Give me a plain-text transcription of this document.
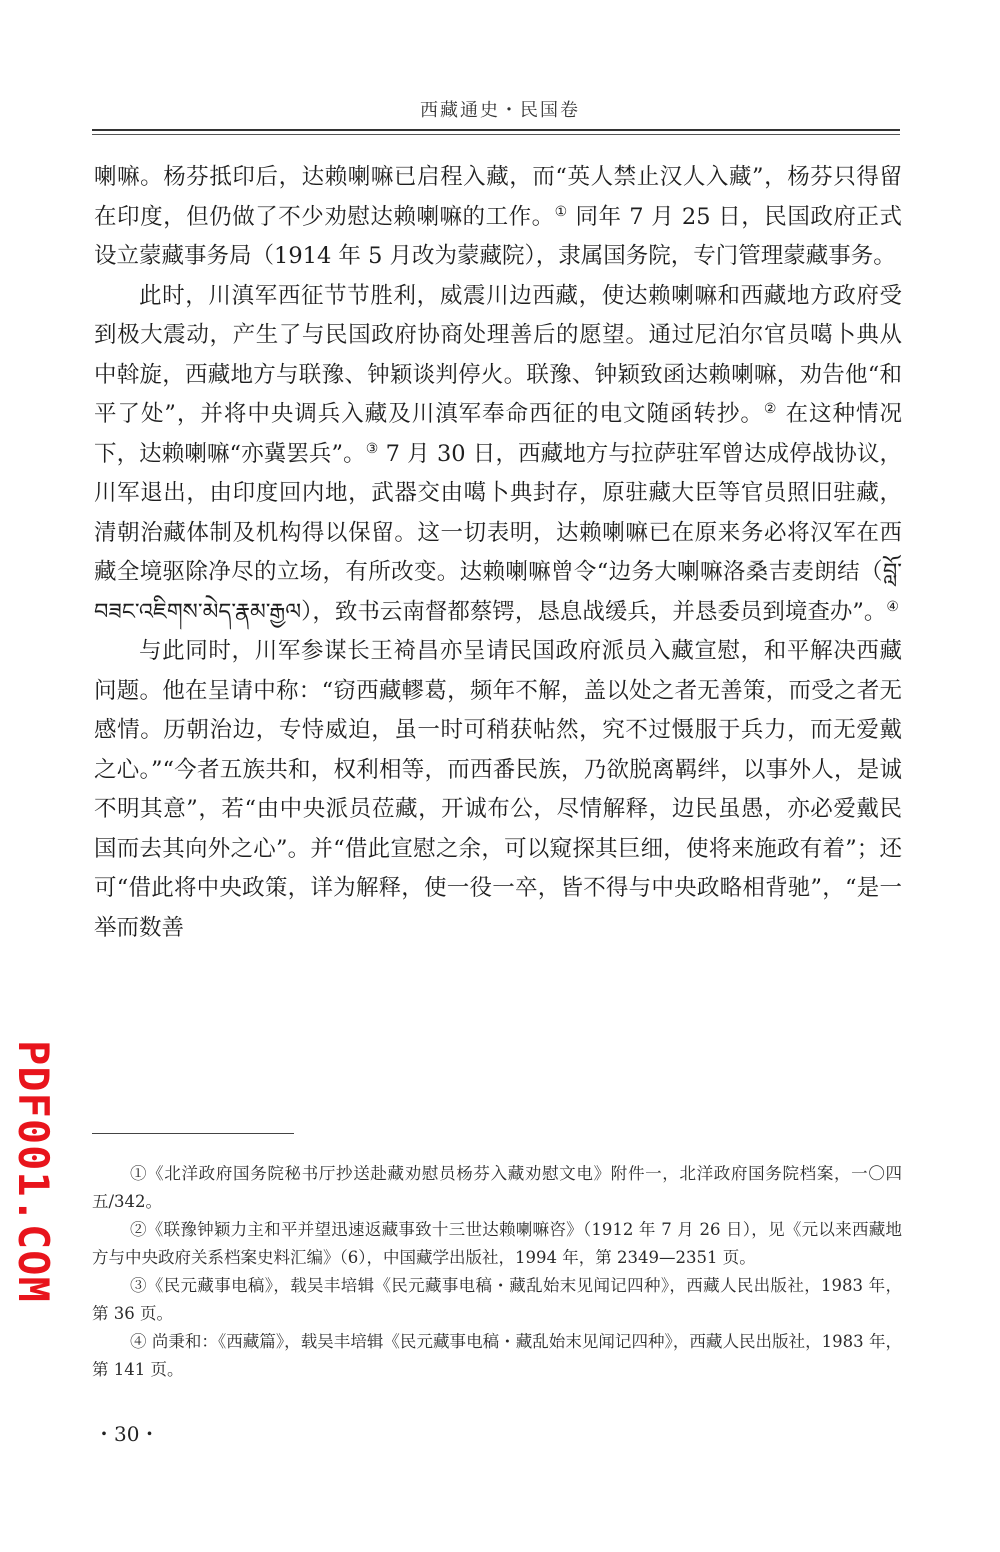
西藏通史・民国卷

喇嘛。杨芬抵印后，达赖喇嘛已启程入藏，而“英人禁止汉人入藏”，杨芬只得留在印度，但仍做了不少劝慰达赖喇嘛的工作。① 同年 7 月 25 日，民国政府正式设立蒙藏事务局（1914 年 5 月改为蒙藏院），隶属国务院，专门管理蒙藏事务。

此时，川滇军西征节节胜利，威震川边西藏，使达赖喇嘛和西藏地方政府受到极大震动，产生了与民国政府协商处理善后的愿望。通过尼泊尔官员噶卜典从中斡旋，西藏地方与联豫、钟颖谈判停火。联豫、钟颖致函达赖喇嘛，劝告他“和平了处”，并将中央调兵入藏及川滇军奉命西征的电文随函转抄。② 在这种情况下，达赖喇嘛“亦冀罢兵”。③ 7 月 30 日，西藏地方与拉萨驻军曾达成停战协议，川军退出，由印度回内地，武器交由噶卜典封存，原驻藏大臣等官员照旧驻藏，清朝治藏体制及机构得以保留。这一切表明，达赖喇嘛已在原来务必将汉军在西藏全境驱除净尽的立场，有所改变。达赖喇嘛曾令“边务大喇嘛洛桑吉麦朗结（བློ་བཟང་འཇིགས་མེད་རྣམ་རྒྱལ），致书云南督都蔡锷，恳息战缓兵，并恳委员到境查办”。④

与此同时，川军参谋长王裿昌亦呈请民国政府派员入藏宣慰，和平解决西藏问题。他在呈请中称：“窃西藏轇葛，频年不解，盖以处之者无善策，而受之者无感情。历朝治边，专恃威迫，虽一时可稍获帖然，究不过慑服于兵力，而无爱戴之心。”“今者五族共和，权利相等，而西番民族，乃欲脱离羁绊，以事外人，是诚不明其意”，若“由中央派员莅藏，开诚布公，尽情解释，边民虽愚，亦必爱戴民国而去其向外之心”。并“借此宣慰之余，可以窥探其巨细，使将来施政有着”；还可“借此将中央政策，详为解释，使一役一卒，皆不得与中央政略相背驰”，“是一举而数善

PDF001.COM	①《北洋政府国务院秘书厅抄送赴藏劝慰员杨芬入藏劝慰文电》附件一，北洋政府国务院档案，一〇四五/342。

②《联豫钟颖力主和平并望迅速返藏事致十三世达赖喇嘛咨》（1912 年 7 月 26 日），见《元以来西藏地方与中央政府关系档案史料汇编》（6），中国藏学出版社，1994 年，第 2349—2351 页。

③《民元藏事电稿》，载吴丰培辑《民元藏事电稿・藏乱始末见闻记四种》，西藏人民出版社，1983 年，第 36 页。

④ 尚秉和：《西藏篇》，载吴丰培辑《民元藏事电稿・藏乱始末见闻记四种》，西藏人民出版社，1983 年，第 141 页。

・30・
